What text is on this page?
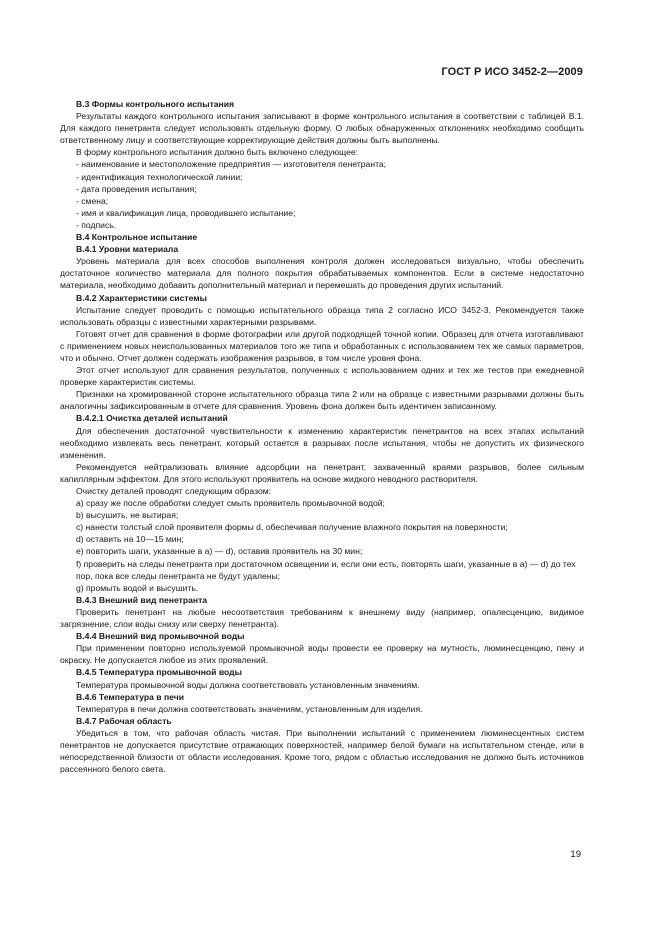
ГОСТ Р ИСО 3452-2—2009
В.3 Формы контрольного испытания
Результаты каждого контрольного испытания записывают в форме контрольного испытания в соответствии с таблицей В.1. Для каждого пенетранта следует использовать отдельную форму. О любых обнаруженных отклонениях необходимо сообщить ответственному лицу и соответствующие корректирующие действия должны быть выполнены.
В форму контрольного испытания должно быть включено следующее:
- наименование и местоположение предприятия — изготовителя пенетранта;
- идентификация технологической линии;
- дата проведения испытания;
- смена;
- имя и квалификация лица, проводившего испытание;
- подпись.
В.4 Контрольное испытание
В.4.1 Уровни материала
Уровень материала для всех способов выполнения контроля должен исследоваться визуально, чтобы обеспечить достаточное количество материала для полного покрытия обрабатываемых компонентов. Если в системе недостаточно материала, необходимо добавить дополнительный материал и перемешать до проведения других испытаний.
В.4.2 Характеристики системы
Испытание следует проводить с помощью испытательного образца типа 2 согласно ИСО 3452-3. Рекомендуется также использовать образцы с известными характерными разрывами.
Готовят отчет для сравнения в форме фотографии или другой подходящей точной копии. Образец для отчета изготавливают с применением новых неиспользованных материалов того же типа и обработанных с использованием тех же самых параметров, что и обычно. Отчет должен содержать изображения разрывов, в том числе уровня фона.
Этот отчет используют для сравнения результатов, полученных с использованием одних и тех же тестов при ежедневной проверке характеристик системы.
Признаки на хромированной стороне испытательного образца типа 2 или на образце с известными разрывами должны быть аналогичны зафиксированным в отчете для сравнения. Уровень фона должен быть идентичен записанному.
В.4.2.1 Очистка деталей испытаний
Для обеспечения достаточной чувствительности к изменению характеристик пенетрантов на всех этапах испытаний необходимо извлекать весь пенетрант, который остается в разрывах после испытания, чтобы не допустить их физического изменения.
Рекомендуется нейтрализовать влияние адсорбции на пенетрант, захваченный краями разрывов, более сильным капиллярным эффектом. Для этого используют проявитель на основе жидкого неводного растворителя.
Очистку деталей проводят следующим образом:
a) сразу же после обработки следует смыть проявитель промывочной водой;
b) высушить, не вытирая;
c) нанести толстый слой проявителя формы d, обеспечивая получение влажного покрытия на поверхности;
d) оставить на 10—15 мин;
e) повторить шаги, указанные в a) — d), оставив проявитель на 30 мин;
f) проверить на следы пенетранта при достаточном освещении и, если они есть, повторять шаги, указанные в a) — d) до тех пор, пока все следы пенетранта не будут удалены;
g) промыть водой и высушить.
В.4.3 Внешний вид пенетранта
Проверить пенетрант на любые несоответствия требованиям к внешнему виду (например, опалесценцию, видимое загрязнение, слои воды снизу или сверху пенетранта).
В.4.4 Внешний вид промывочной воды
При применении повторно используемой промывочной воды провести ее проверку на мутность, люминесценцию, пену и окраску. Не допускается любое из этих проявлений.
В.4.5 Температура промывочной воды
Температура промывочной воды должна соответствовать установленным значениям.
В.4.6 Температура в печи
Температура в печи должна соответствовать значениям, установленным для изделия.
В.4.7 Рабочая область
Убедиться в том, что рабочая область чистая. При выполнении испытаний с применением люминесцентных систем пенетрантов не допускается присутствие отражающих поверхностей, например белой бумаги на испытательном стенде, или в непосредственной близости от области исследования. Кроме того, рядом с областью исследования не должно быть источников рассеянного белого света.
19
